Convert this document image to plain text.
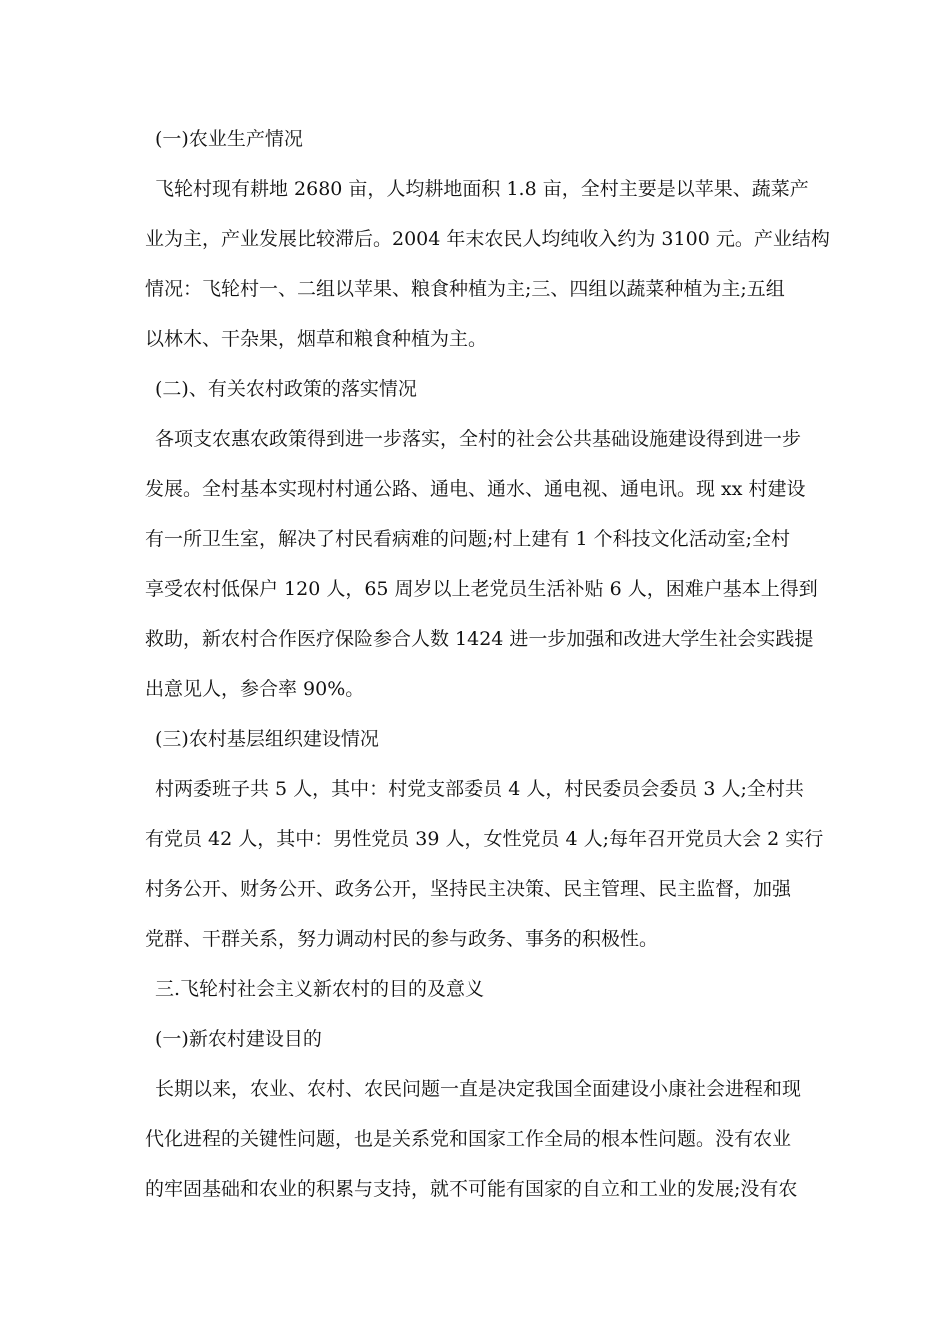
(一)农业生产情况
飞轮村现有耕地 2680 亩，人均耕地面积 1.8 亩，全村主要是以苹果、蔬菜产
业为主，产业发展比较滞后。2004 年末农民人均纯收入约为 3100 元。产业结构
情况：飞轮村一、二组以苹果、粮食种植为主;三、四组以蔬菜种植为主;五组
以林木、干杂果，烟草和粮食种植为主。
(二)、有关农村政策的落实情况
各项支农惠农政策得到进一步落实，全村的社会公共基础设施建设得到进一步
发展。全村基本实现村村通公路、通电、通水、通电视、通电讯。现 xx 村建设
有一所卫生室，解决了村民看病难的问题;村上建有 1 个科技文化活动室;全村
享受农村低保户 120 人，65 周岁以上老党员生活补贴 6 人，困难户基本上得到
救助，新农村合作医疗保险参合人数 1424 进一步加强和改进大学生社会实践提
出意见人，参合率 90%。
(三)农村基层组织建设情况
村两委班子共 5 人，其中：村党支部委员 4 人，村民委员会委员 3 人;全村共
有党员 42 人，其中：男性党员 39 人，女性党员 4 人;每年召开党员大会 2 实行
村务公开、财务公开、政务公开，坚持民主决策、民主管理、民主监督，加强
党群、干群关系，努力调动村民的参与政务、事务的积极性。
三.飞轮村社会主义新农村的目的及意义
(一)新农村建设目的
长期以来，农业、农村、农民问题一直是决定我国全面建设小康社会进程和现
代化进程的关键性问题，也是关系党和国家工作全局的根本性问题。没有农业
的牢固基础和农业的积累与支持，就不可能有国家的自立和工业的发展;没有农
